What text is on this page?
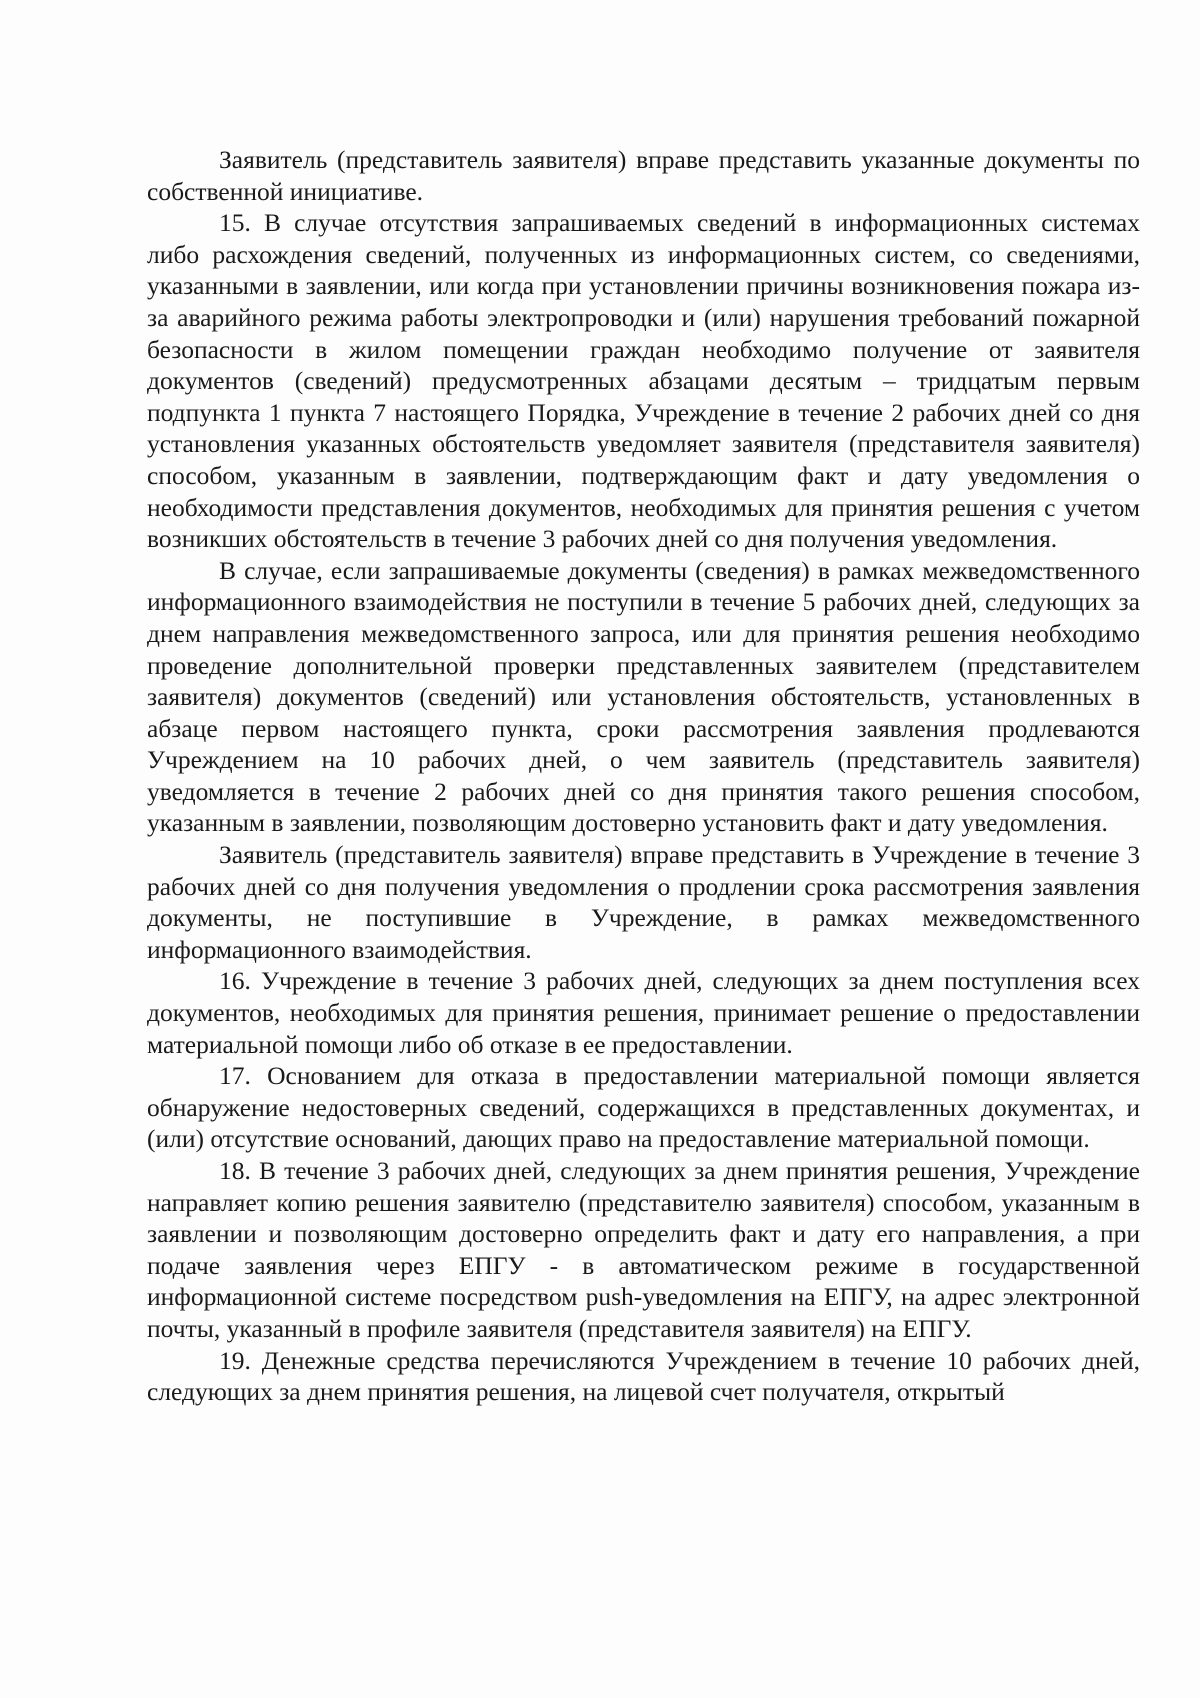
Заявитель (представитель заявителя) вправе представить указанные документы по собственной инициативе.

15. В случае отсутствия запрашиваемых сведений в информационных системах либо расхождения сведений, полученных из информационных систем, со сведениями, указанными в заявлении, или когда при установлении причины возникновения пожара из-за аварийного режима работы электропроводки и (или) нарушения требований пожарной безопасности в жилом помещении граждан необходимо получение от заявителя документов (сведений) предусмотренных абзацами десятым – тридцатым первым подпункта 1 пункта 7 настоящего Порядка, Учреждение в течение 2 рабочих дней со дня установления указанных обстоятельств уведомляет заявителя (представителя заявителя) способом, указанным в заявлении, подтверждающим факт и дату уведомления о необходимости представления документов, необходимых для принятия решения с учетом возникших обстоятельств в течение 3 рабочих дней со дня получения уведомления.

В случае, если запрашиваемые документы (сведения) в рамках межведомственного информационного взаимодействия не поступили в течение 5 рабочих дней, следующих за днем направления межведомственного запроса, или для принятия решения необходимо проведение дополнительной проверки представленных заявителем (представителем заявителя) документов (сведений) или установления обстоятельств, установленных в абзаце первом настоящего пункта, сроки рассмотрения заявления продлеваются Учреждением на 10 рабочих дней, о чем заявитель (представитель заявителя) уведомляется в течение 2 рабочих дней со дня принятия такого решения способом, указанным в заявлении, позволяющим достоверно установить факт и дату уведомления.

Заявитель (представитель заявителя) вправе представить в Учреждение в течение 3 рабочих дней со дня получения уведомления о продлении срока рассмотрения заявления документы, не поступившие в Учреждение, в рамках межведомственного информационного взаимодействия.

16. Учреждение в течение 3 рабочих дней, следующих за днем поступления всех документов, необходимых для принятия решения, принимает решение о предоставлении материальной помощи либо об отказе в ее предоставлении.

17. Основанием для отказа в предоставлении материальной помощи является обнаружение недостоверных сведений, содержащихся в представленных документах, и (или) отсутствие оснований, дающих право на предоставление материальной помощи.

18. В течение 3 рабочих дней, следующих за днем принятия решения, Учреждение направляет копию решения заявителю (представителю заявителя) способом, указанным в заявлении и позволяющим достоверно определить факт и дату его направления, а при подаче заявления через ЕПГУ - в автоматическом режиме в государственной информационной системе посредством push-уведомления на ЕПГУ, на адрес электронной почты, указанный в профиле заявителя (представителя заявителя) на ЕПГУ.

19. Денежные средства перечисляются Учреждением в течение 10 рабочих дней, следующих за днем принятия решения, на лицевой счет получателя, открытый
